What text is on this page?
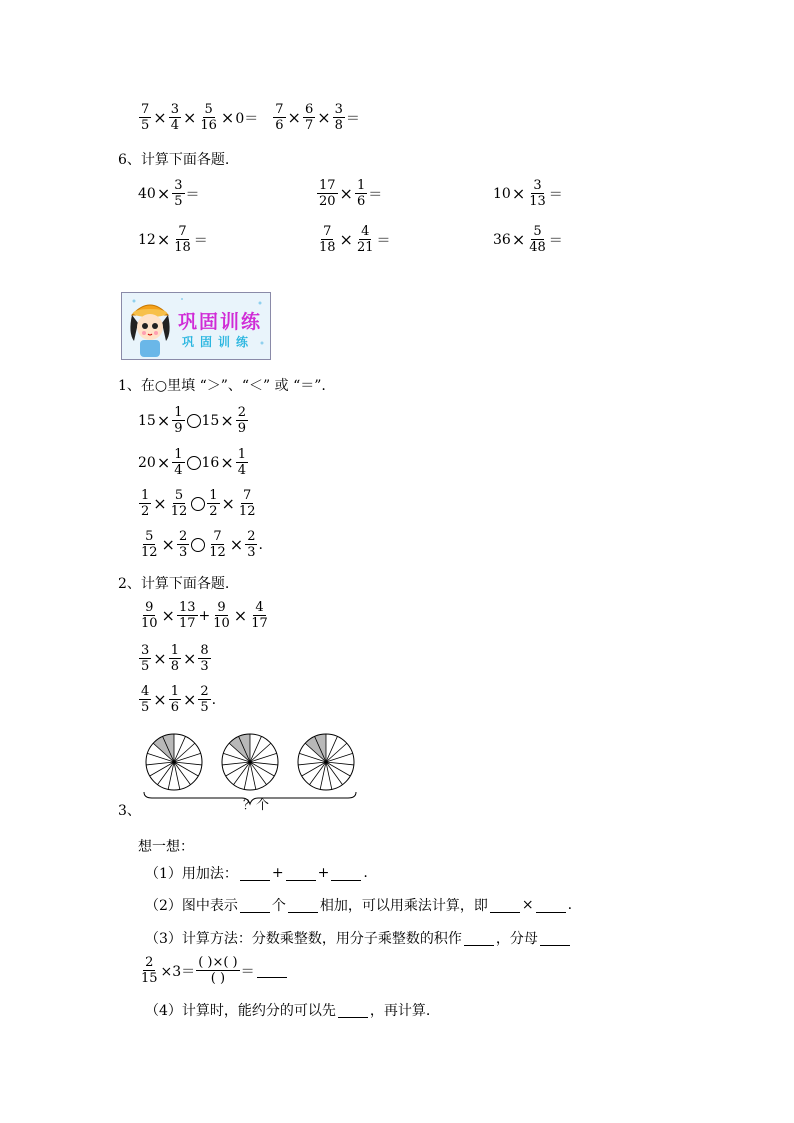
$\frac{7}{5} \times \frac{3}{4} \times \frac{5}{16} \times 0= \frac{7}{6} \times \frac{6}{7} \times \frac{3}{8}$ ＝
6、计算下面各题.
$40 \times \frac{3}{5}$ ＝	$\frac{17}{20} \times \frac{1}{6}$ ＝	$10 \times \frac{3}{13}$ ＝
$12 \times \frac{7}{18}$ ＝	$\frac{7}{18} \times \frac{4}{21}$ ＝	$36 \times \frac{5}{48}$ ＝
巩固训练
巩固训练
1、在○里填 “＞”、“＜” 或 “＝”.
$15 \times \frac{1}{9} 15 \times \frac{2}{9}$
$20 \times \frac{1}{4} 16 \times \frac{1}{4}$
$\frac{1}{2} \times \frac{5}{12} \frac{1}{2} \times \frac{7}{12}$
$\frac{5}{12} \times \frac{2}{3} \frac{7}{12} \times \frac{2}{3}$ .
2、计算下面各题.
$\frac{9}{10} \times \frac{13}{17} + \frac{9}{10} \times \frac{4}{17}$
$\frac{3}{5} \times \frac{1}{8} \times \frac{8}{3}$
$\frac{4}{5} \times \frac{1}{6} \times \frac{2}{5}$ .
？个
3、
想一想：
（1）用加法： + + .
（2）图中表示 个 相加，可以用乘法计算，即 × .
（3）计算方法：分数乘整数，用分子乘整数的积作 ，分母
$\frac{2}{15} \times 3= \frac{( )\times( )}{( )}$ ＝
（4）计算时，能约分的可以先 ，再计算.
